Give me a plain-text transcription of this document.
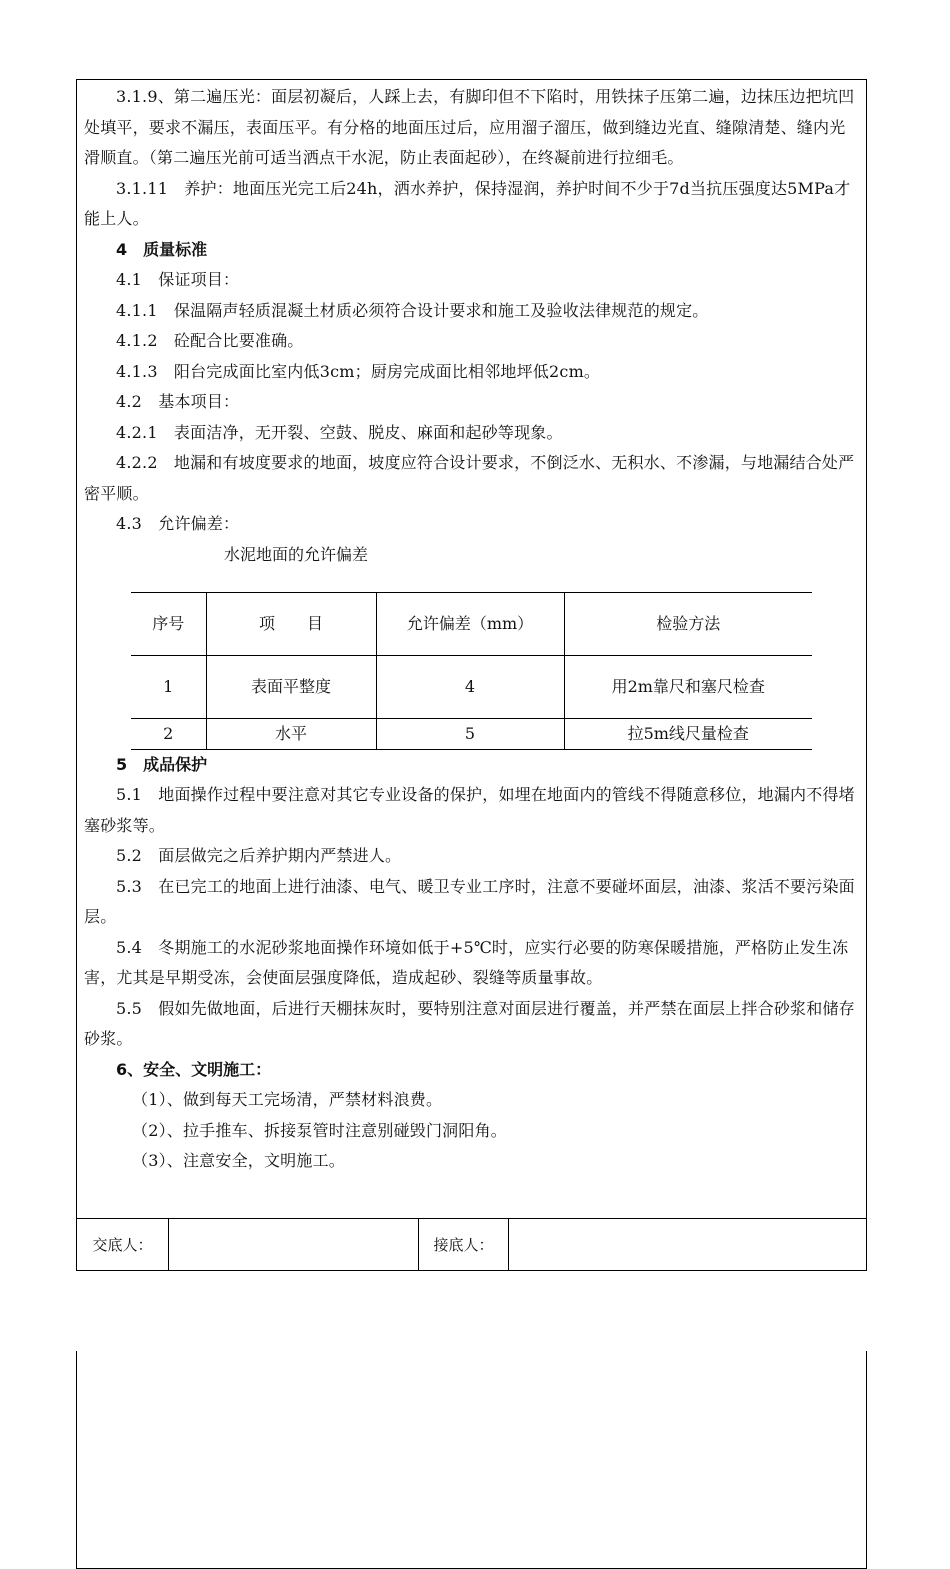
3.1.9、第二遍压光：面层初凝后，人踩上去，有脚印但不下陷时，用铁抹子压第二遍，边抹压边把坑凹处填平，要求不漏压，表面压平。有分格的地面压过后，应用溜子溜压，做到缝边光直、缝隙清楚、缝内光滑顺直。（第二遍压光前可适当洒点干水泥，防止表面起砂），在终凝前进行拉细毛。

3.1.11　养护：地面压光完工后24h，洒水养护，保持湿润，养护时间不少于7d当抗压强度达5MPa才能上人。

4　质量标准

4.1　保证项目：

4.1.1　保温隔声轻质混凝土材质必须符合设计要求和施工及验收法律规范的规定。

4.1.2　砼配合比要准确。

4.1.3　阳台完成面比室内低3cm；厨房完成面比相邻地坪低2cm。

4.2　基本项目：

4.2.1　表面洁净，无开裂、空鼓、脱皮、麻面和起砂等现象。

4.2.2　地漏和有坡度要求的地面，坡度应符合设计要求，不倒泛水、无积水、不渗漏，与地漏结合处严密平顺。

4.3　允许偏差：

水泥地面的允许偏差

5　成品保护

5.1　地面操作过程中要注意对其它专业设备的保护，如埋在地面内的管线不得随意移位，地漏内不得堵塞砂浆等。

5.2　面层做完之后养护期内严禁进人。

5.3　在已完工的地面上进行油漆、电气、暖卫专业工序时，注意不要碰坏面层，油漆、浆活不要污染面层。

5.4　冬期施工的水泥砂浆地面操作环境如低于+5℃时，应实行必要的防寒保暖措施，严格防止发生冻害，尤其是早期受冻，会使面层强度降低，造成起砂、裂缝等质量事故。

5.5　假如先做地面，后进行天棚抹灰时，要特别注意对面层进行覆盖，并严禁在面层上拌合砂浆和储存砂浆。

6、安全、文明施工：

（1）、做到每天工完场清，严禁材料浪费。

（2）、拉手推车、拆接泵管时注意别碰毁门洞阳角。

（3）、注意安全，文明施工。

序号	项　　目	允许偏差（mm）	检验方法
1	表面平整度	4	用2m靠尺和塞尺检查
2	水平	5	拉5m线尺量检查
交底人：	接底人：
